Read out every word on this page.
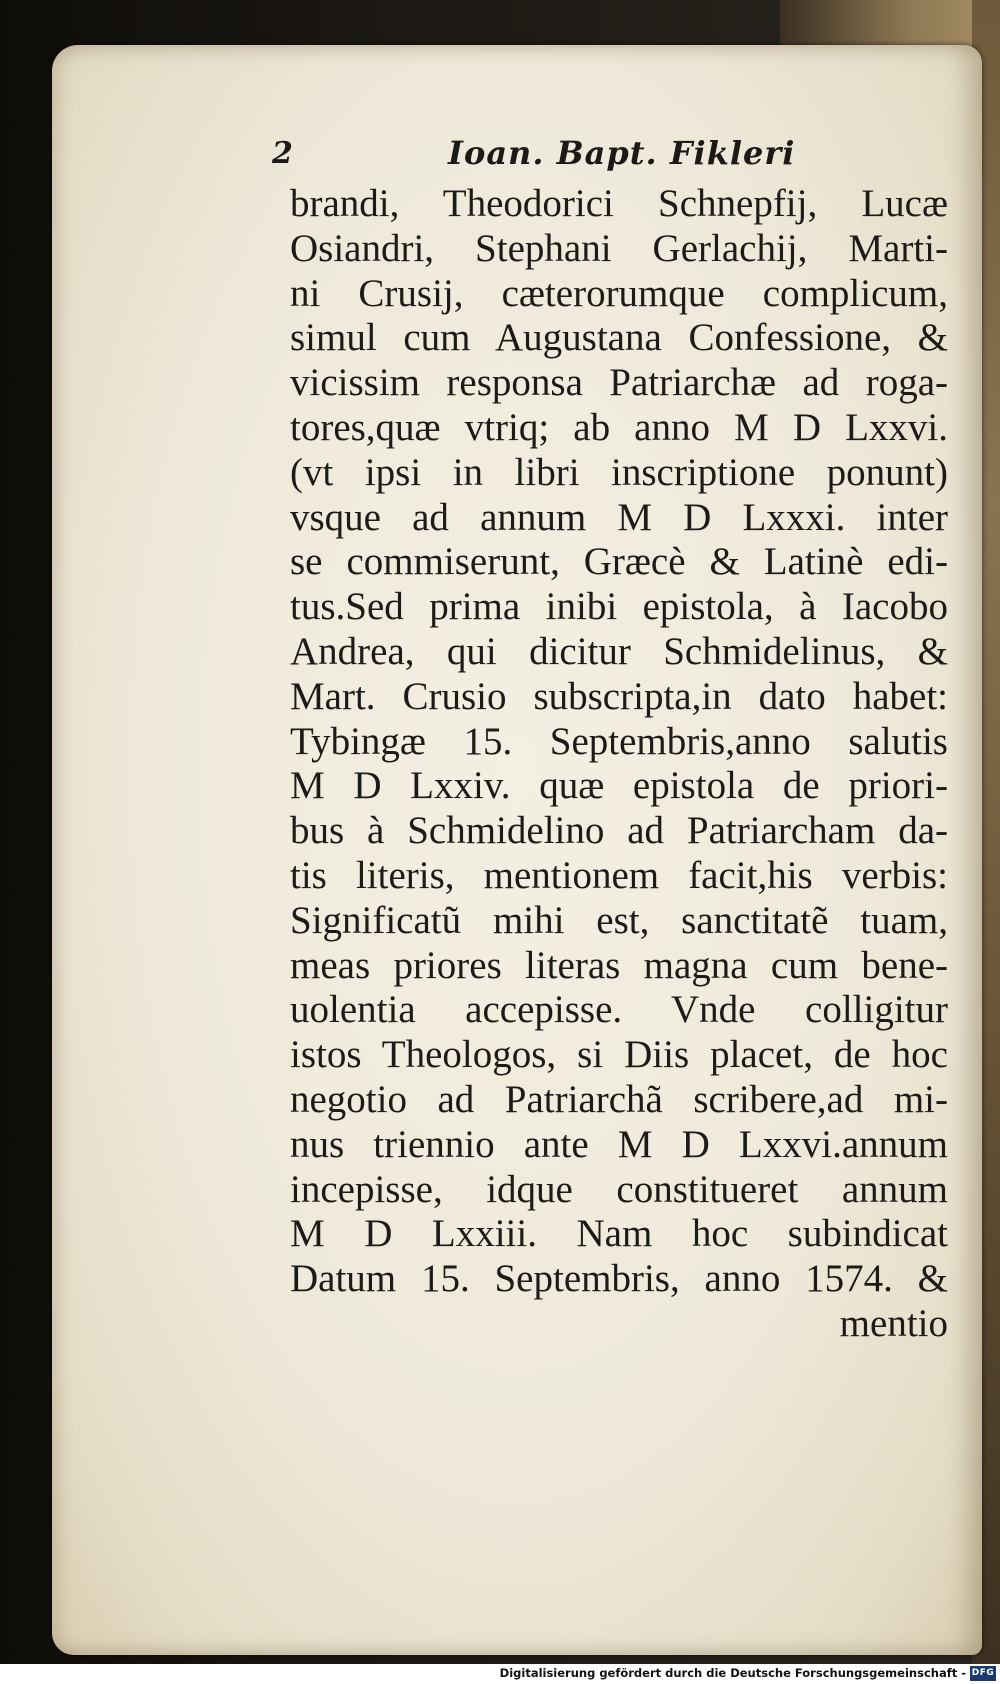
2	Ioan. Bapt. Fikleri
brandi, Theodorici Schnepfij, Lucæ
Osiandri, Stephani Gerlachij, Marti-
ni Crusij, cæterorumque complicum,
simul cum Augustana Confessione, &
vicissim responsa Patriarchæ ad roga-
tores,quæ vtriq; ab anno M D Lxxvi.
(vt ipsi in libri inscriptione ponunt)
vsque ad annum M D Lxxxi. inter
se commiserunt, Græcè & Latinè edi-
tus.Sed prima inibi epistola, à Iacobo
Andrea, qui dicitur Schmidelinus, &
Mart. Crusio subscripta,in dato habet:
Tybingæ 15. Septembris,anno salutis
M D Lxxiv. quæ epistola de priori-
bus à Schmidelino ad Patriarcham da-
tis literis, mentionem facit,his verbis:
Significatũ mihi est, sanctitatẽ tuam,
meas priores literas magna cum bene-
uolentia accepisse. Vnde colligitur
istos Theologos, si Diis placet, de hoc
negotio ad Patriarchã scribere,ad mi-
nus triennio ante M D Lxxvi.annum
incepisse, idque constitueret annum
M D Lxxiii. Nam hoc subindicat
Datum 15. Septembris, anno 1574. &
mentio
Digitalisierung gefördert durch die Deutsche Forschungsgemeinschaft - DFG
